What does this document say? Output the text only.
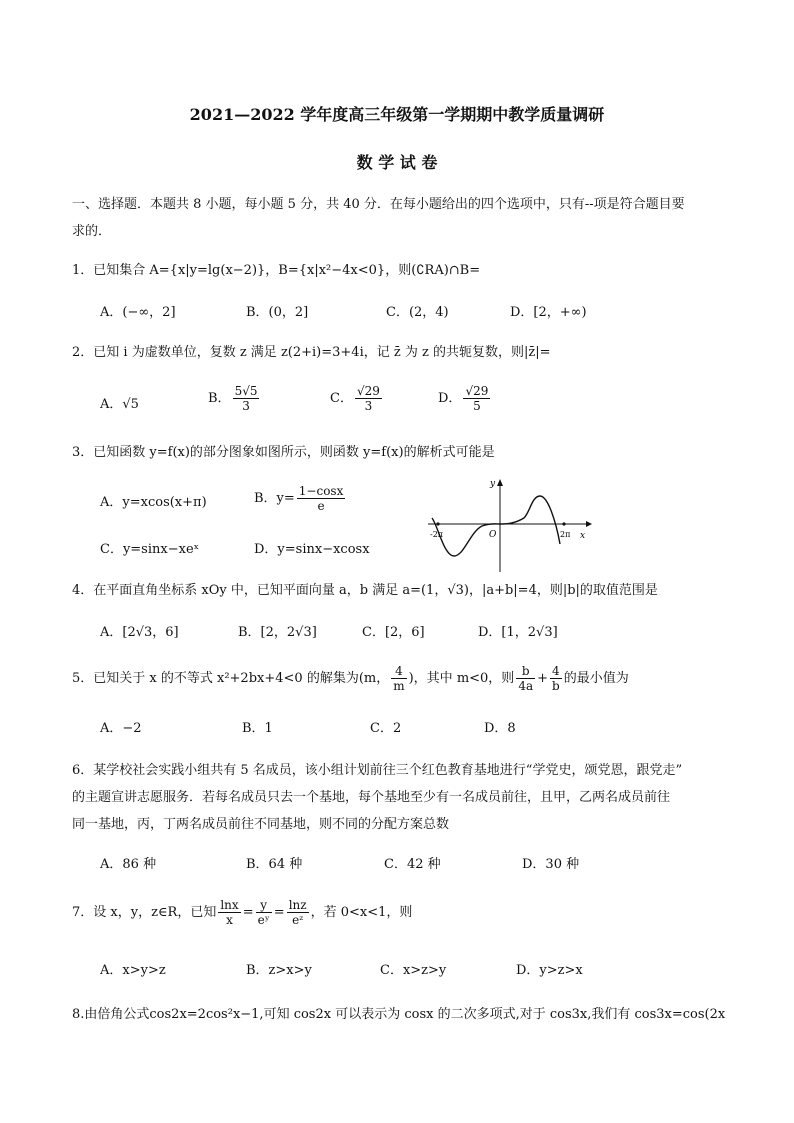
2021—2022 学年度高三年级第一学期期中教学质量调研
数 学 试 卷
一、选择题．本题共 8 小题，每小题 5 分，共 40 分．在每小题给出的四个选项中，只有--项是符合题目要
求的．
1．已知集合 A={x|y=lg(x−2)}，B={x|x²−4x<0}，则(∁RA)∩B=
A．(−∞，2]	B．(0，2]	C．(2，4)	D．[2，+∞)
2．已知 i 为虚数单位，复数 z 满足 z(2+i)=3+4i，记 z̄ 为 z 的共轭复数，则|z̄|=
A．√5	B． $\frac{5√5}{3}$	C． $\frac{√29}{3}$	D． $\frac{√29}{5}$
3．已知函数 y=f(x)的部分图象如图所示，则函数 y=f(x)的解析式可能是
A．y=xcos(x+π)	B．$y= \frac{1-\cos x}{e}$
C．y=sinx−xeˣ	D．y=sinx−xcosx
y
x
O
-2π	2π
4．在平面直角坐标系 xOy 中，已知平面向量 a，b 满足 a=(1，√3)，|a+b|=4，则|b|的取值范围是
A．[2√3，6]	B．[2，2√3]	C．[2，6]	D．[1，2√3]
5．已知关于 x 的不等式 x²+2bx+4<0 的解集为(m， $\frac{4}{m}$ )，其中 m<0，则 $\frac{b}{4a} + \frac{4}{b}$ 的最小值为
A．−2	B．1	C．2	D．8
6．某学校社会实践小组共有 5 名成员，该小组计划前往三个红色教育基地进行“学党史，颂党恩，跟党走”
的主题宣讲志愿服务．若每名成员只去一个基地，每个基地至少有一名成员前往，且甲，乙两名成员前往
同一基地，丙，丁两名成员前往不同基地，则不同的分配方案总数
A．86 种	B．64 种	C．42 种	D．30 种
7．设 x，y，z∈R，已知 $\frac{\ln x}{x} = \frac{y}{\text{eʸ}} = \frac{\ln z}{\text{eᶻ}}$ ，若 0<x<1，则
A．x>y>z	B．z>x>y	C．x>z>y	D．y>z>x
8.由倍角公式cos2x=2cos²x−1,可知 cos2x 可以表示为 cosx 的二次多项式,对于 cos3x,我们有 cos3x=cos(2x
